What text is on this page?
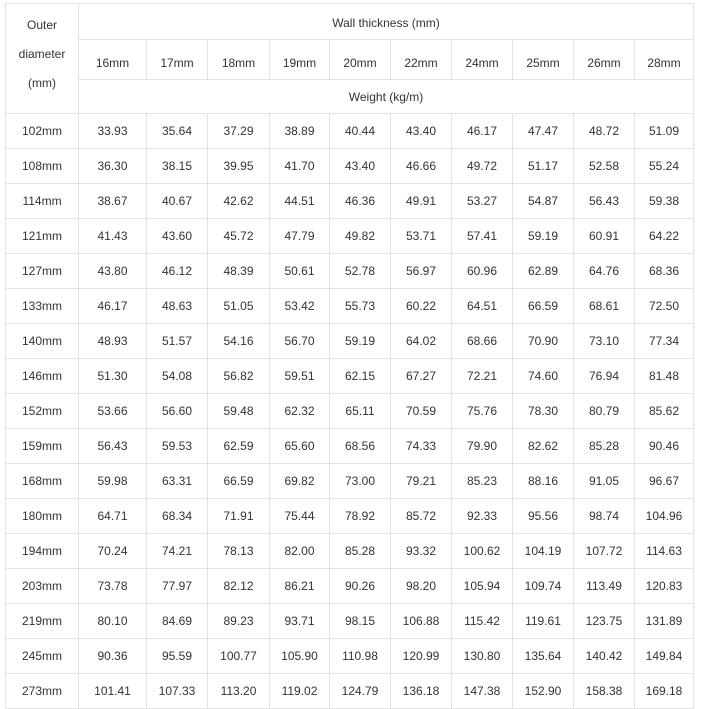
Outer
diameter
(mm)	Wall thickness (mm)									
	16mm	17mm	18mm	19mm	20mm	22mm	24mm	25mm	26mm	28mm
	Weight (kg/m)									
102mm	33.93	35.64	37.29	38.89	40.44	43.40	46.17	47.47	48.72	51.09
108mm	36.30	38.15	39.95	41.70	43.40	46.66	49.72	51.17	52.58	55.24
114mm	38.67	40.67	42.62	44.51	46.36	49.91	53.27	54.87	56.43	59.38
121mm	41.43	43.60	45.72	47.79	49.82	53.71	57.41	59.19	60.91	64.22
127mm	43.80	46.12	48.39	50.61	52.78	56.97	60.96	62.89	64.76	68.36
133mm	46.17	48.63	51.05	53.42	55.73	60.22	64.51	66.59	68.61	72.50
140mm	48.93	51.57	54.16	56.70	59.19	64.02	68.66	70.90	73.10	77.34
146mm	51.30	54.08	56.82	59.51	62.15	67.27	72.21	74.60	76.94	81.48
152mm	53.66	56.60	59.48	62.32	65.11	70.59	75.76	78.30	80.79	85.62
159mm	56.43	59.53	62.59	65.60	68.56	74.33	79.90	82.62	85.28	90.46
168mm	59.98	63.31	66.59	69.82	73.00	79.21	85.23	88.16	91.05	96.67
180mm	64.71	68.34	71.91	75.44	78.92	85.72	92.33	95.56	98.74	104.96
194mm	70.24	74.21	78.13	82.00	85.28	93.32	100.62	104.19	107.72	114.63
203mm	73.78	77.97	82.12	86.21	90.26	98.20	105.94	109.74	113.49	120.83
219mm	80.10	84.69	89.23	93.71	98.15	106.88	115.42	119.61	123.75	131.89
245mm	90.36	95.59	100.77	105.90	110.98	120.99	130.80	135.64	140.42	149.84
273mm	101.41	107.33	113.20	119.02	124.79	136.18	147.38	152.90	158.38	169.18
